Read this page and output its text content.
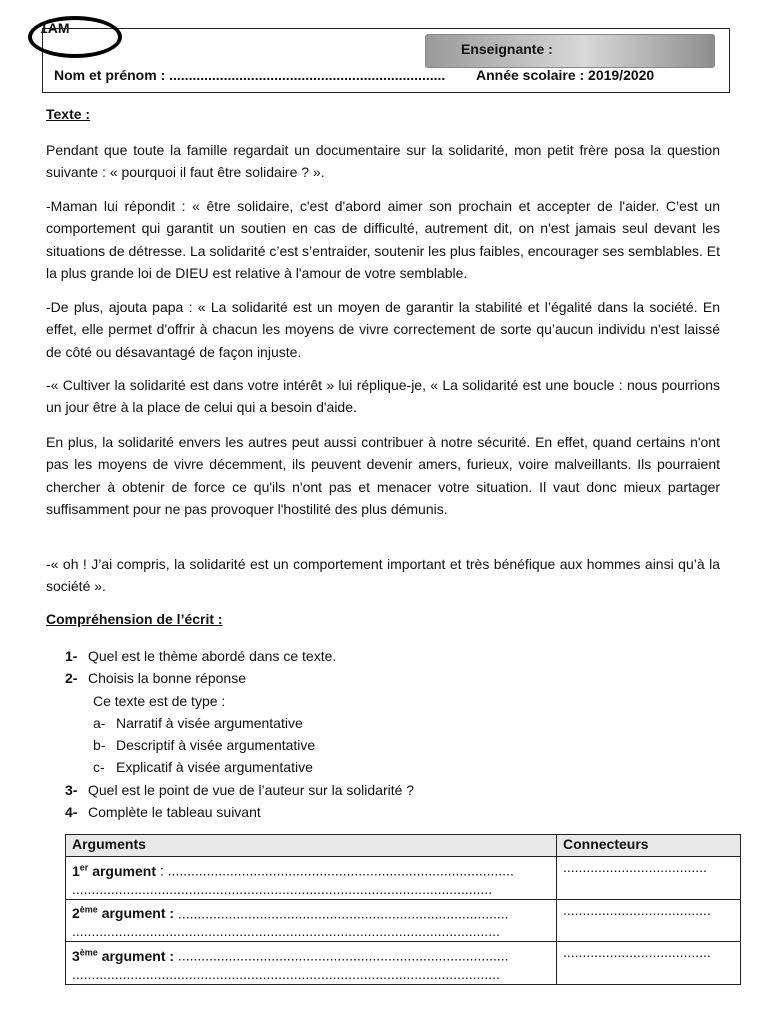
1AM
Enseignante :
Nom et prénom : ....................................................................... Année scolaire : 2019/2020
Texte :
Pendant que toute la famille regardait un documentaire sur la solidarité, mon petit frère posa la question suivante : « pourquoi il faut être solidaire ? ».
-Maman lui répondit : « être solidaire, c'est d'abord aimer son prochain et accepter de l'aider. C’est un comportement qui garantit un soutien en cas de difficulté, autrement dit, on n'est jamais seul devant les situations de détresse. La solidarité c’est s’entraider, soutenir les plus faibles, encourager ses semblables. Et la plus grande loi de DIEU est relative à l'amour de votre semblable.
-De plus, ajouta papa : « La solidarité est un moyen de garantir la stabilité et l’égalité dans la société. En effet, elle permet d'offrir à chacun les moyens de vivre correctement de sorte qu’aucun individu n'est laissé de côté ou désavantagé de façon injuste.
-« Cultiver la solidarité est dans votre intérêt » lui réplique-je, « La solidarité est une boucle : nous pourrions un jour être à la place de celui qui a besoin d'aide.
En plus, la solidarité envers les autres peut aussi contribuer à notre sécurité. En effet, quand certains n'ont pas les moyens de vivre décemment, ils peuvent devenir amers, furieux, voire malveillants. Ils pourraient chercher à obtenir de force ce qu'ils n'ont pas et menacer votre situation. Il vaut donc mieux partager suffisamment pour ne pas provoquer l'hostilité des plus démunis.
-« oh ! J’ai compris, la solidarité est un comportement important et très bénéfique aux hommes ainsi qu’à la société ».
Compréhension de l’écrit :
1- Quel est le thème abordé dans ce texte.
2- Choisis la bonne réponse
Ce texte est de type :
a- Narratif à visée argumentative
b- Descriptif à visée argumentative
c- Explicatif à visée argumentative
3- Quel est le point de vue de l’auteur sur la solidarité ?
4- Complète le tableau suivant
Arguments	Connecteurs

1er argument : .........................................................................................
............................................................................................................	.....................................

2ème argument : .....................................................................................
..............................................................................................................	......................................

3ème argument : .....................................................................................
..............................................................................................................	......................................
